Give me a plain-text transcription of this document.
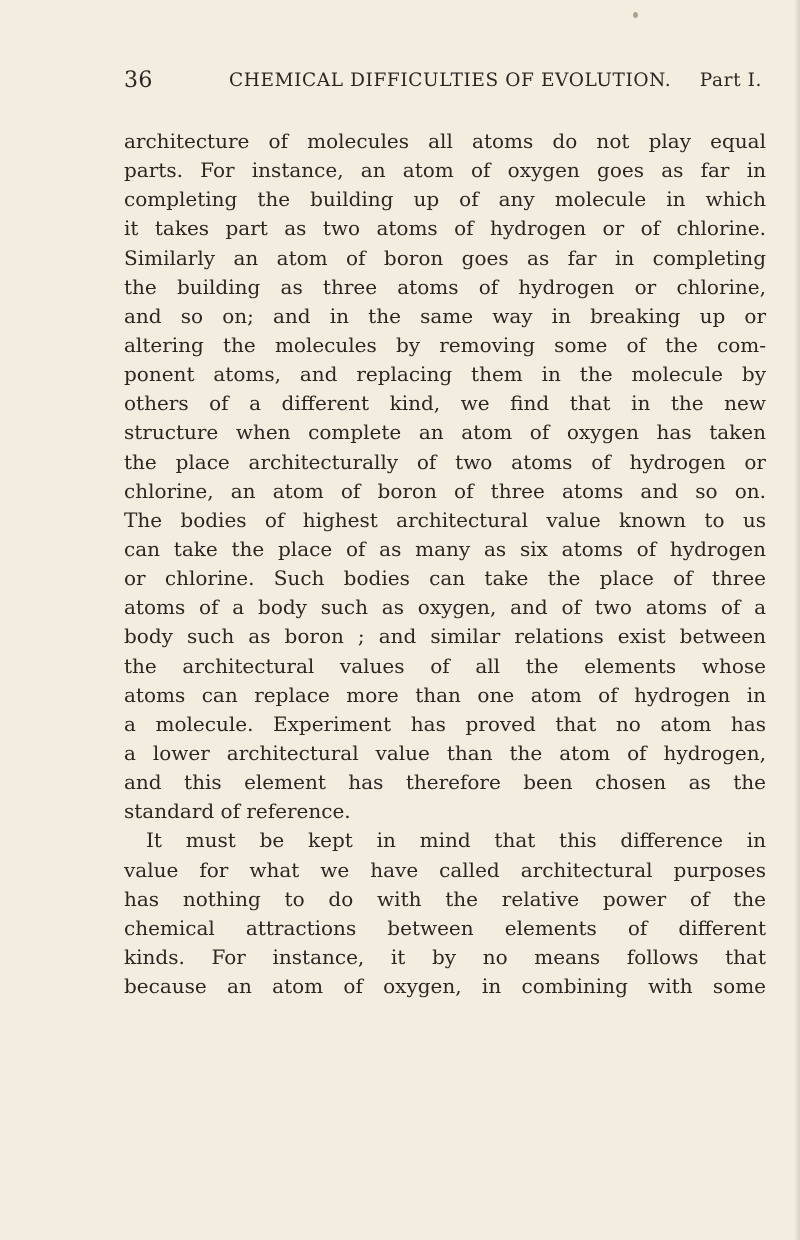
36	CHEMICAL DIFFICULTIES OF EVOLUTION. Part I.
architecture of molecules all atoms do not play equal
parts. For instance, an atom of oxygen goes as far in
completing the building up of any molecule in which
it takes part as two atoms of hydrogen or of chlorine.
Similarly an atom of boron goes as far in completing
the building as three atoms of hydrogen or chlorine,
and so on; and in the same way in breaking up or
altering the molecules by removing some of the com-
ponent atoms, and replacing them in the molecule by
others of a different kind, we find that in the new
structure when complete an atom of oxygen has taken
the place architecturally of two atoms of hydrogen or
chlorine, an atom of boron of three atoms and so on.
The bodies of highest architectural value known to us
can take the place of as many as six atoms of hydrogen
or chlorine. Such bodies can take the place of three
atoms of a body such as oxygen, and of two atoms of a
body such as boron ; and similar relations exist between
the architectural values of all the elements whose
atoms can replace more than one atom of hydrogen in
a molecule. Experiment has proved that no atom has
a lower architectural value than the atom of hydrogen,
and this element has therefore been chosen as the
standard of reference.
It must be kept in mind that this difference in
value for what we have called architectural purposes
has nothing to do with the relative power of the
chemical attractions between elements of different
kinds. For instance, it by no means follows that
because an atom of oxygen, in combining with some
